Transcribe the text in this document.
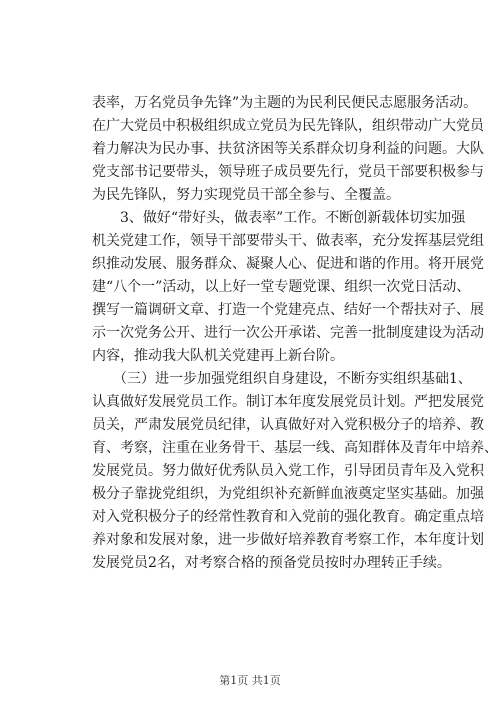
表率，万名党员争先锋”为主题的为民利民便民志愿服务活动。
在广大党员中积极组织成立党员为民先锋队，组织带动广大党员
着力解决为民办事、扶贫济困等关系群众切身利益的问题。大队
党支部书记要带头，领导班子成员要先行，党员干部要积极参与
为民先锋队，努力实现党员干部全参与、全覆盖。
　　3、做好“带好头，做表率”工作。不断创新载体切实加强
机关党建工作，领导干部要带头干、做表率，充分发挥基层党组
织推动发展、服务群众、凝聚人心、促进和谐的作用。将开展党
建“八个一”活动，以上好一堂专题党课、组织一次党日活动、
撰写一篇调研文章、打造一个党建亮点、结好一个帮扶对子、展
示一次党务公开、进行一次公开承诺、完善一批制度建设为活动
内容，推动我大队机关党建再上新台阶。
　　（三）进一步加强党组织自身建设，不断夯实组织基础1、
认真做好发展党员工作。制订本年度发展党员计划。严把发展党
员关，严肃发展党员纪律，认真做好对入党积极分子的培养、教
育、考察，注重在业务骨干、基层一线、高知群体及青年中培养、
发展党员。努力做好优秀队员入党工作，引导团员青年及入党积
极分子靠拢党组织，为党组织补充新鲜血液奠定坚实基础。加强
对入党积极分子的经常性教育和入党前的强化教育。确定重点培
养对象和发展对象，进一步做好培养教育考察工作，本年度计划
发展党员2名，对考察合格的预备党员按时办理转正手续。
第1页 共1页
